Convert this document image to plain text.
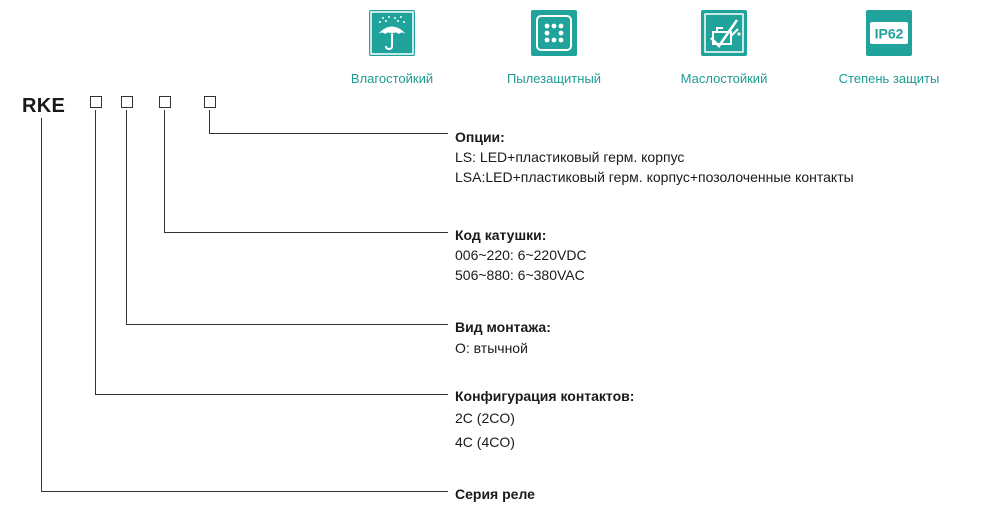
Влагостойкий	Пылезащитный	Маслостойкий
IP62
Степень защиты
RKE
Опции:
LS: LED+пластиковый герм. корпус
LSA:LED+пластиковый герм. корпус+позолоченные контакты
Код катушки:
006~220: 6~220VDC
506~880: 6~380VAC
Вид монтажа:
O: втычной
Конфигурация контактов:
2C (2CO)
4C (4CO)
Серия реле
